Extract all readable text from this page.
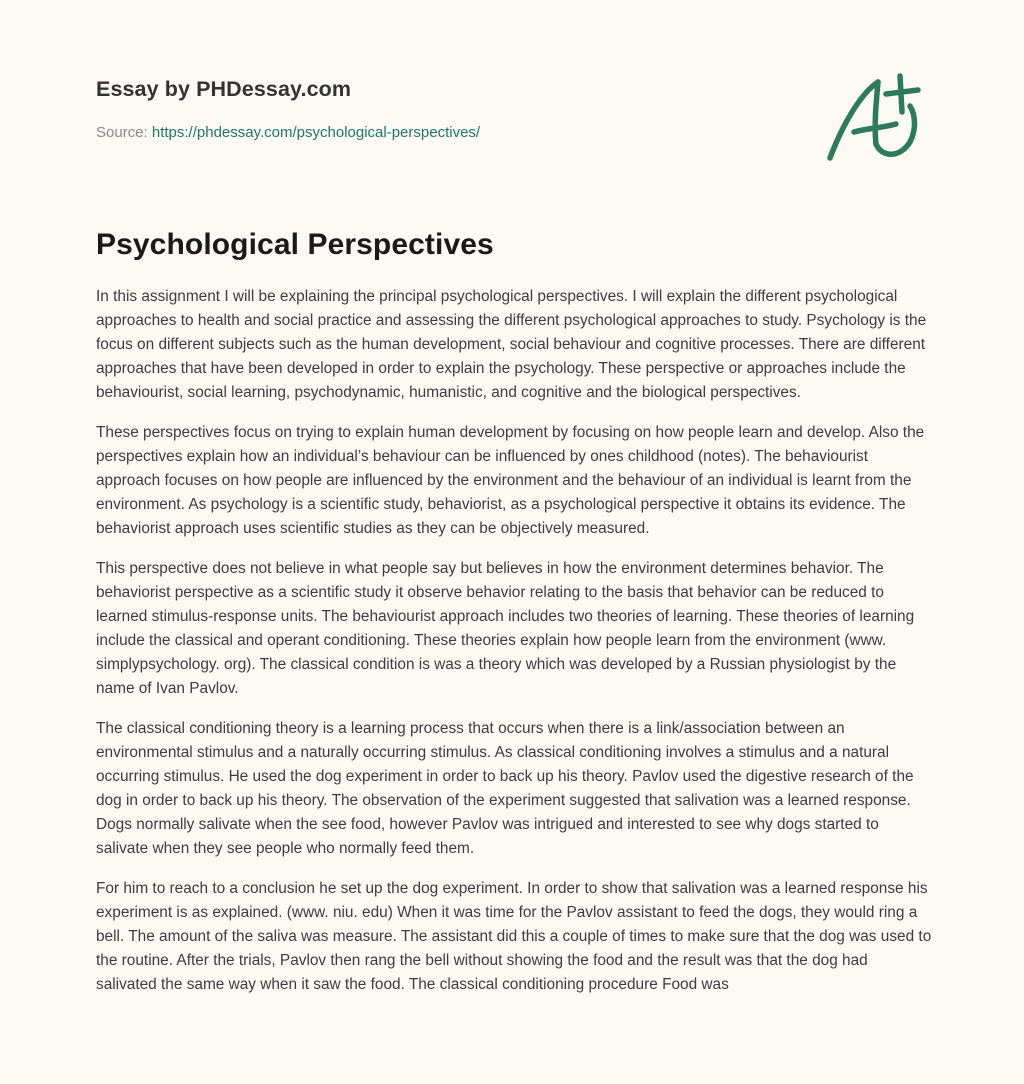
Essay by PHDessay.com
Source: https://phdessay.com/psychological-perspectives/
Psychological Perspectives

In this assignment I will be explaining the principal psychological perspectives. I will explain the different psychological approaches to health and social practice and assessing the different psychological approaches to study. Psychology is the focus on different subjects such as the human development, social behaviour and cognitive processes. There are different approaches that have been developed in order to explain the psychology. These perspective or approaches include the behaviourist, social learning, psychodynamic, humanistic, and cognitive and the biological perspectives.

These perspectives focus on trying to explain human development by focusing on how people learn and develop. Also the perspectives explain how an individual’s behaviour can be influenced by ones childhood (notes). The behaviourist approach focuses on how people are influenced by the environment and the behaviour of an individual is learnt from the environment. As psychology is a scientific study, behaviorist, as a psychological perspective it obtains its evidence. The behaviorist approach uses scientific studies as they can be objectively measured.

This perspective does not believe in what people say but believes in how the environment determines behavior. The behaviorist perspective as a scientific study it observe behavior relating to the basis that behavior can be reduced to learned stimulus-response units. The behaviourist approach includes two theories of learning. These theories of learning include the classical and operant conditioning. These theories explain how people learn from the environment (www. simplypsychology. org). The classical condition is was a theory which was developed by a Russian physiologist by the name of Ivan Pavlov.

The classical conditioning theory is a learning process that occurs when there is a link/association between an environmental stimulus and a naturally occurring stimulus. As classical conditioning involves a stimulus and a natural occurring stimulus. He used the dog experiment in order to back up his theory. Pavlov used the digestive research of the dog in order to back up his theory. The observation of the experiment suggested that salivation was a learned response. Dogs normally salivate when the see food, however Pavlov was intrigued and interested to see why dogs started to salivate when they see people who normally feed them.

For him to reach to a conclusion he set up the dog experiment. In order to show that salivation was a learned response his experiment is as explained. (www. niu. edu) When it was time for the Pavlov assistant to feed the dogs, they would ring a bell. The amount of the saliva was measure. The assistant did this a couple of times to make sure that the dog was used to the routine. After the trials, Pavlov then rang the bell without showing the food and the result was that the dog had salivated the same way when it saw the food. The classical conditioning procedure Food was
